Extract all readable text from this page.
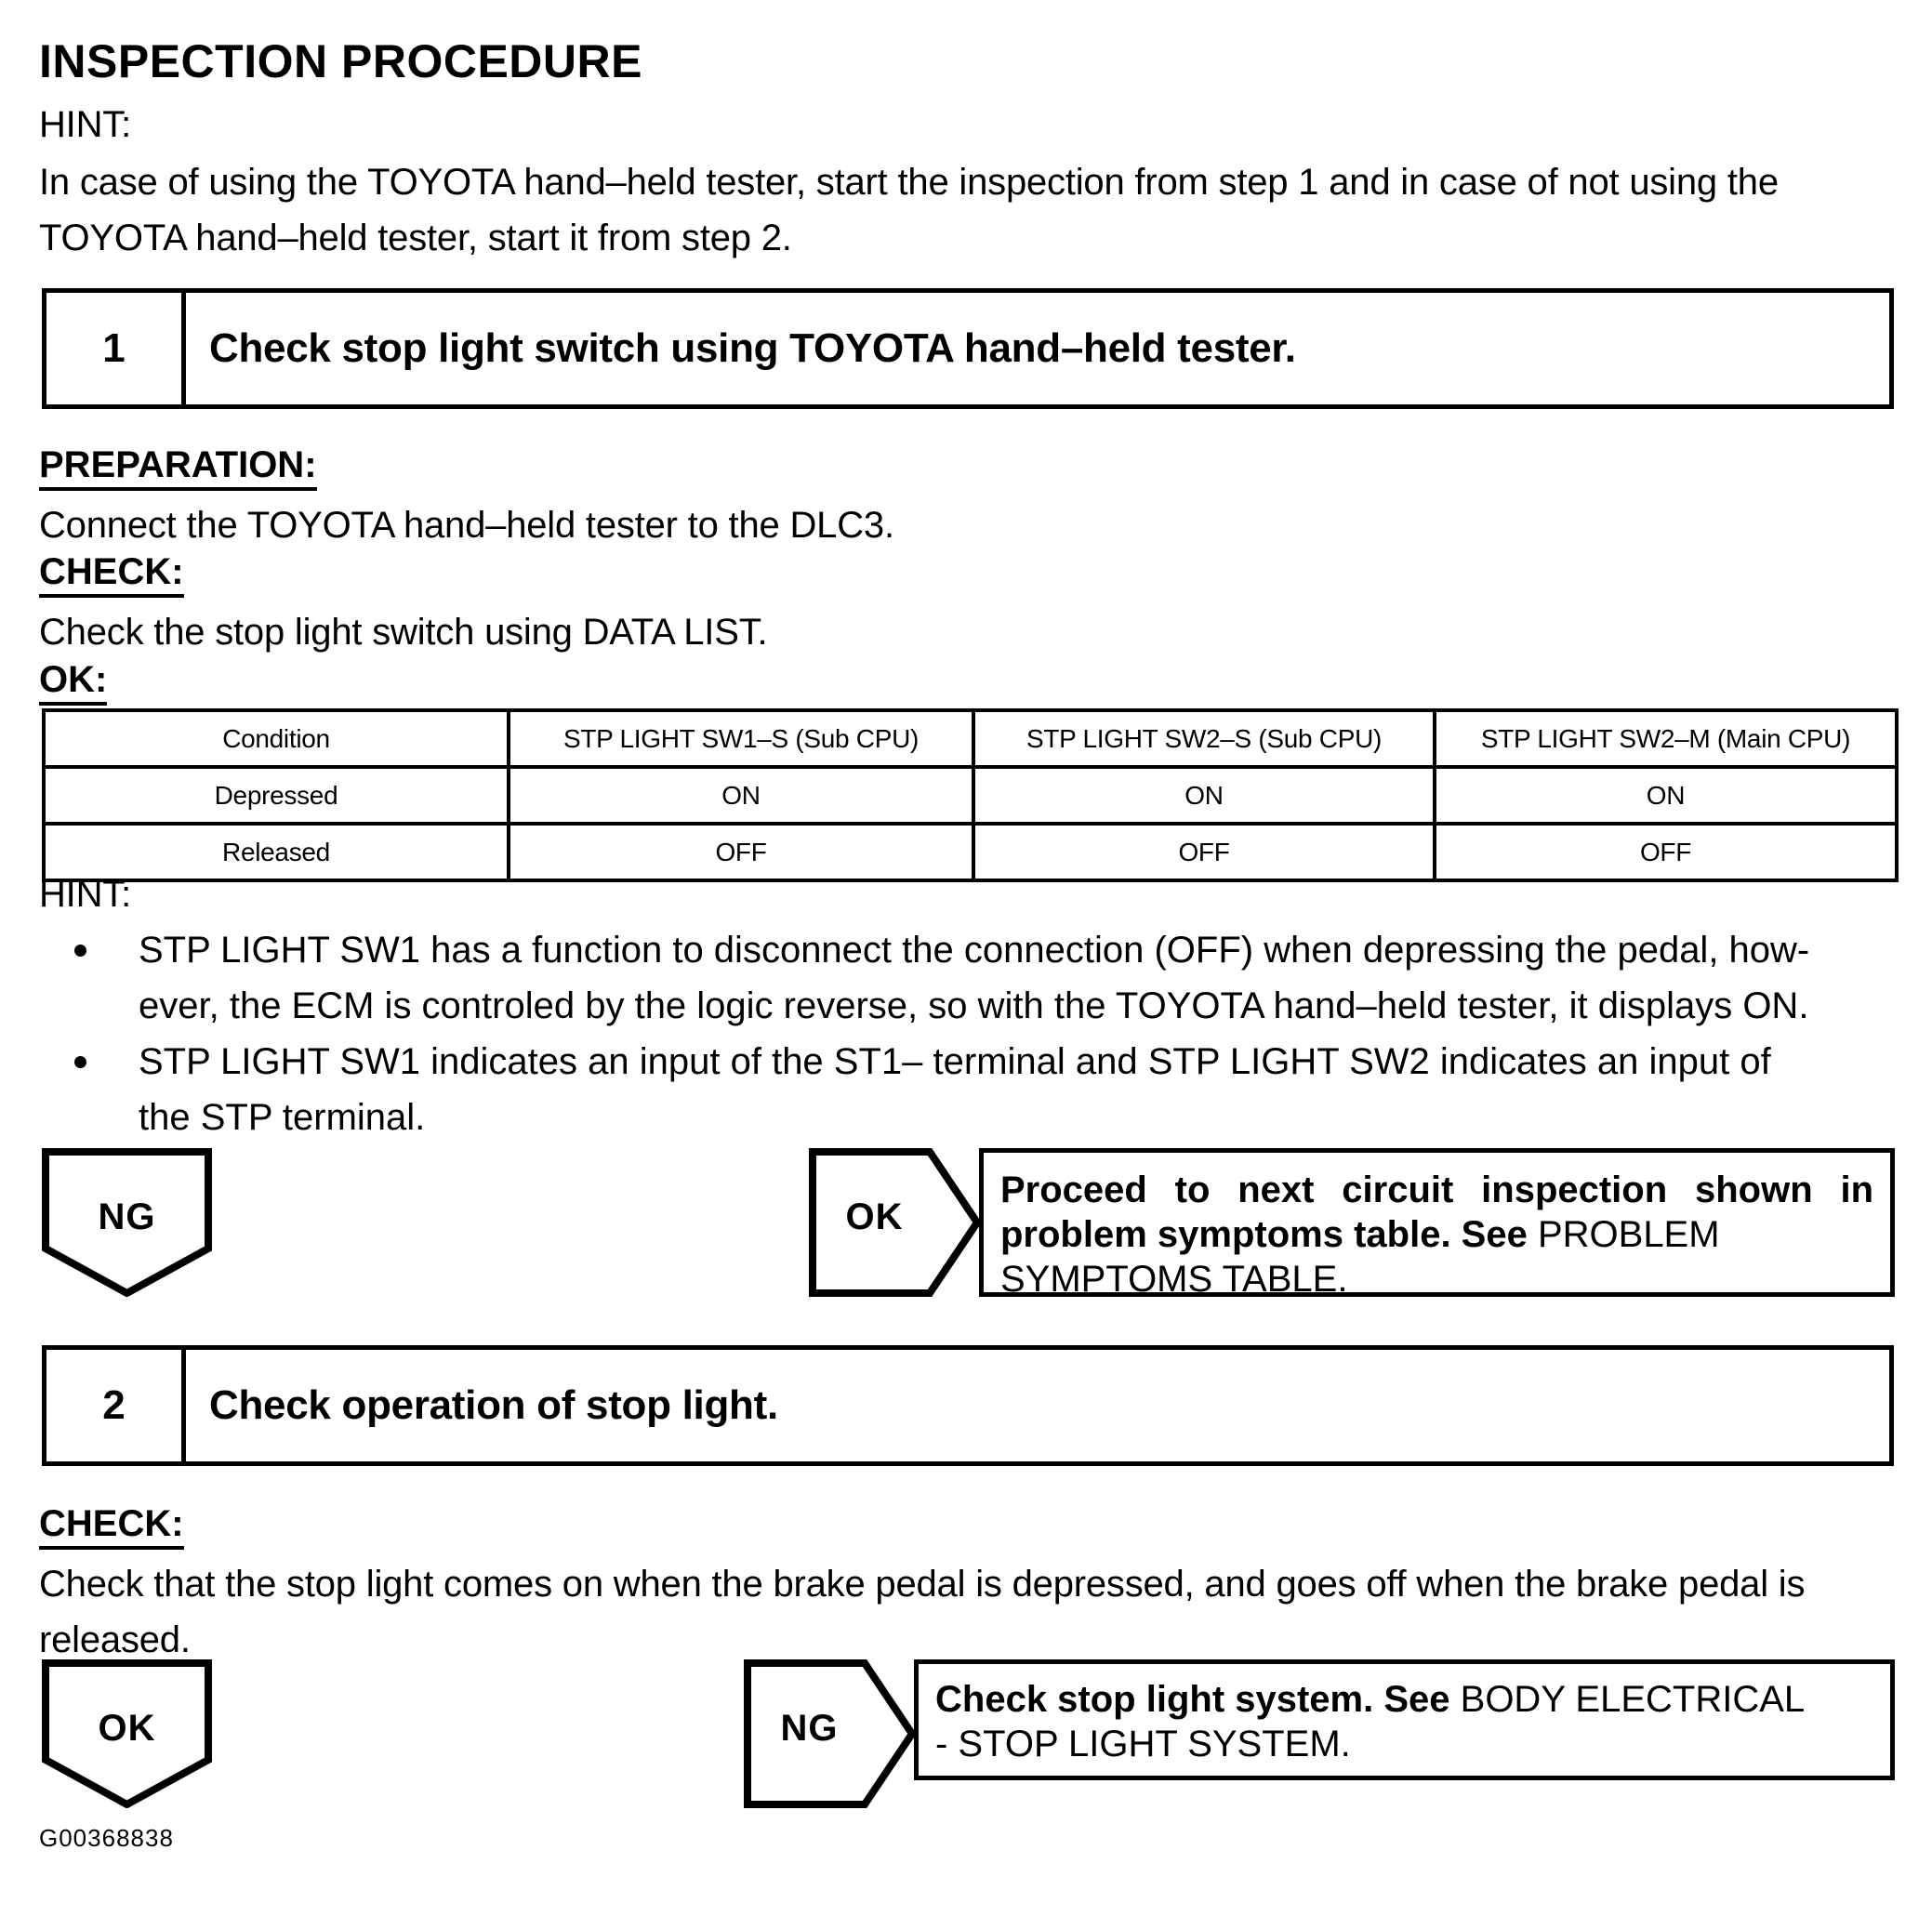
INSPECTION PROCEDURE
HINT:
In case of using the TOYOTA hand–held tester, start the inspection from step 1 and in case of not using the TOYOTA hand–held tester, start it from step 2.
1	Check stop light switch using TOYOTA hand–held tester.
PREPARATION:
Connect the TOYOTA hand–held tester to the DLC3.
CHECK:
Check the stop light switch using DATA LIST.
OK:
Condition	STP LIGHT SW1–S (Sub CPU)	STP LIGHT SW2–S (Sub CPU)	STP LIGHT SW2–M (Main CPU)
Depressed	ON	ON	ON
Released	OFF	OFF	OFF
HINT:
STP LIGHT SW1 has a function to disconnect the connection (OFF) when depressing the pedal, how-
ever, the ECM is controled by the logic reverse, so with the TOYOTA hand–held tester, it displays ON.
STP LIGHT SW1 indicates an input of the ST1– terminal and STP LIGHT SW2 indicates an input of
the STP terminal.
NG	OK
Proceed to next circuit inspection shown in
problem symptoms table. See PROBLEM
SYMPTOMS TABLE.
2	Check operation of stop light.
CHECK:
Check that the stop light comes on when the brake pedal is depressed, and goes off when the brake pedal is released.
OK	NG
Check stop light system. See BODY ELECTRICAL
- STOP LIGHT SYSTEM.
G00368838
